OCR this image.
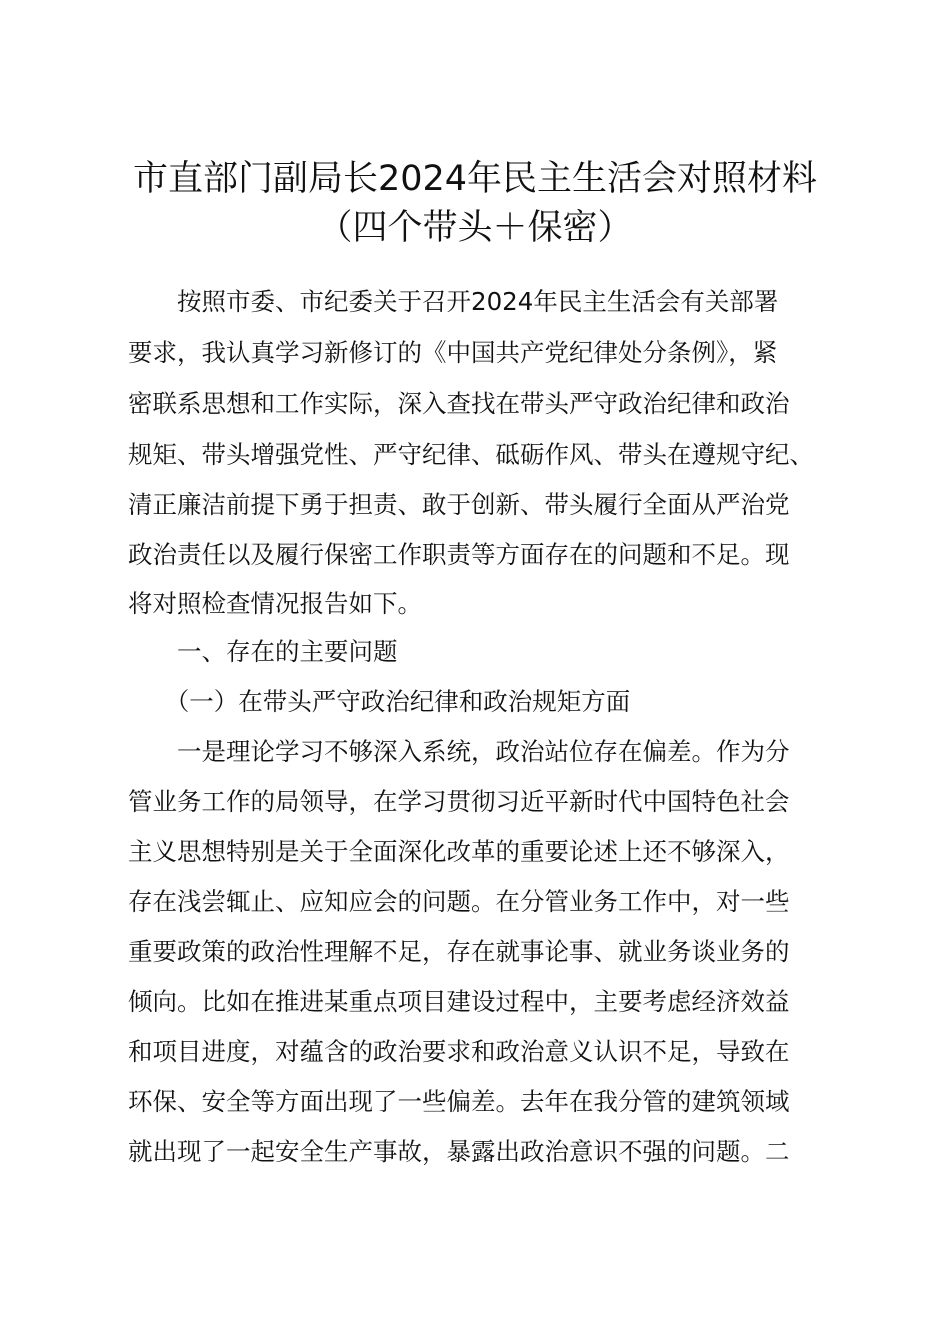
市直部门副局长2024年民主生活会对照材料
（四个带头＋保密）
　　按照市委、市纪委关于召开2024年民主生活会有关部署
要求，我认真学习新修订的《中国共产党纪律处分条例》，紧
密联系思想和工作实际，深入查找在带头严守政治纪律和政治
规矩、带头增强党性、严守纪律、砥砺作风、带头在遵规守纪、
清正廉洁前提下勇于担责、敢于创新、带头履行全面从严治党
政治责任以及履行保密工作职责等方面存在的问题和不足。现
将对照检查情况报告如下。
　　一、存在的主要问题
　　（一）在带头严守政治纪律和政治规矩方面
　　一是理论学习不够深入系统，政治站位存在偏差。作为分
管业务工作的局领导，在学习贯彻习近平新时代中国特色社会
主义思想特别是关于全面深化改革的重要论述上还不够深入，
存在浅尝辄止、应知应会的问题。在分管业务工作中，对一些
重要政策的政治性理解不足，存在就事论事、就业务谈业务的
倾向。比如在推进某重点项目建设过程中，主要考虑经济效益
和项目进度，对蕴含的政治要求和政治意义认识不足，导致在
环保、安全等方面出现了一些偏差。去年在我分管的建筑领域
就出现了一起安全生产事故，暴露出政治意识不强的问题。二
